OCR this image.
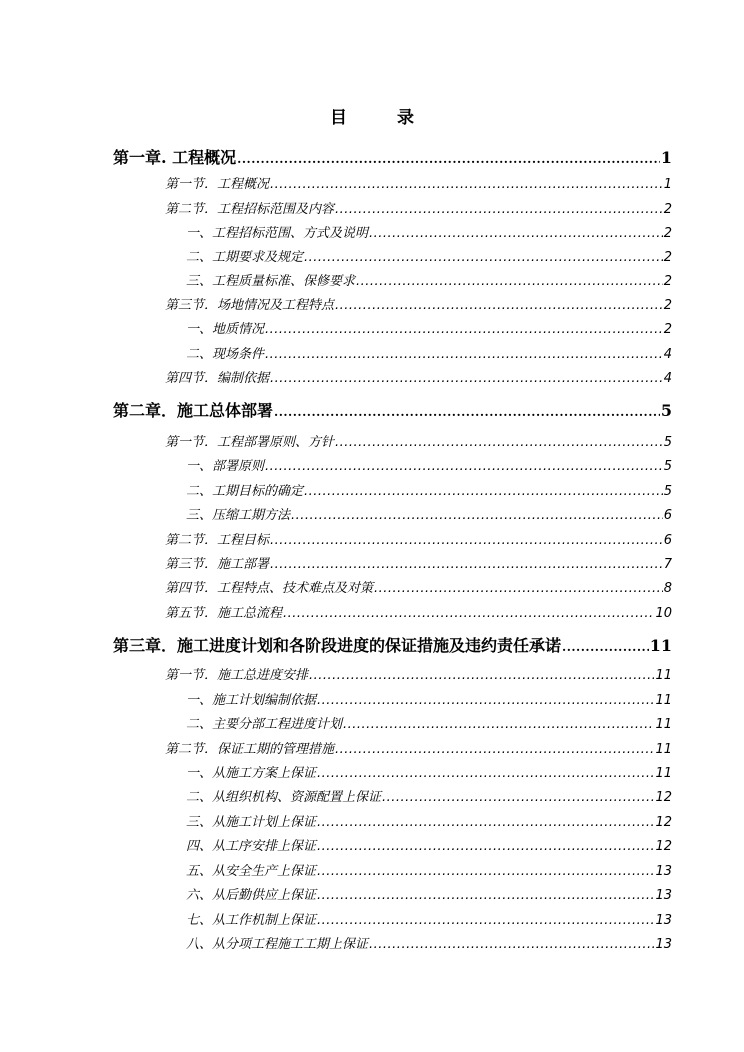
目 录
第一章. 工程概况 .....	1
第一节．工程概况 .....	1
第二节．工程招标范围及内容 .....	2
一、工程招标范围、方式及说明 .....	2
二、工期要求及规定 .....	2
三、工程质量标准、保修要求 .....	2
第三节．场地情况及工程特点 .....	2
一、地质情况 .....	2
二、现场条件 .....	4
第四节．编制依据 .....	4
第二章．施工总体部署 .....	5
第一节．工程部署原则、方针 .....	5
一、部署原则 .....	5
二、工期目标的确定 .....	5
三、压缩工期方法 .....	6
第二节．工程目标 .....	6
第三节．施工部署 .....	7
第四节．工程特点、技术难点及对策 .....	8
第五节．施工总流程 .....	10
第三章．施工进度计划和各阶段进度的保证措施及违约责任承诺 .....	11
第一节．施工总进度安排 .....	11
一、施工计划编制依据 .....	11
二、主要分部工程进度计划 .....	11
第二节．保证工期的管理措施 .....	11
一、从施工方案上保证 .....	11
二、从组织机构、资源配置上保证 .....	12
三、从施工计划上保证 .....	12
四、从工序安排上保证 .....	12
五、从安全生产上保证 .....	13
六、从后勤供应上保证 .....	13
七、从工作机制上保证 .....	13
八、从分项工程施工工期上保证 .....	13
